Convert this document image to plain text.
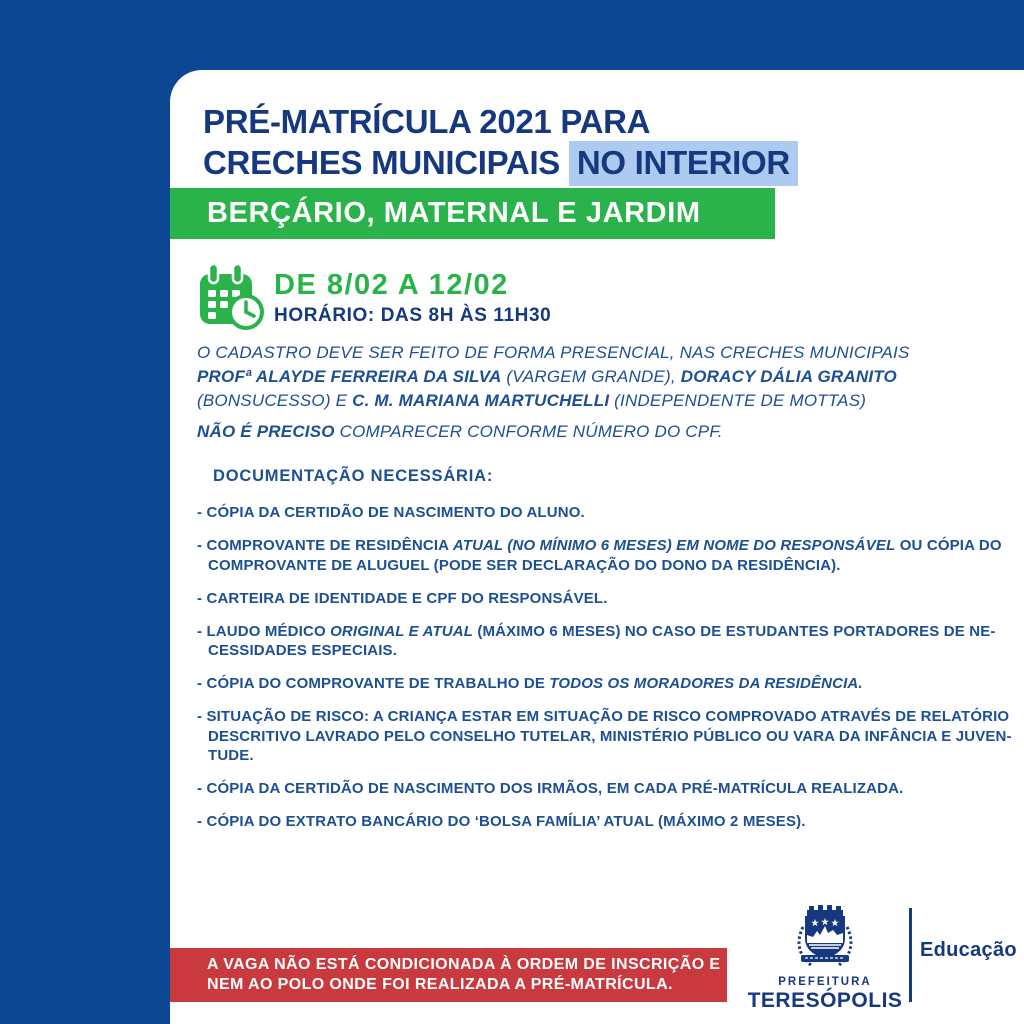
PRÉ-MATRÍCULA 2021 PARA
CRECHES MUNICIPAIS NO INTERIOR
BERÇÁRIO, MATERNAL E JARDIM
DE 8/02 A 12/02
HORÁRIO: DAS 8H ÀS 11H30
O CADASTRO DEVE SER FEITO DE FORMA PRESENCIAL, NAS CRECHES MUNICIPAIS
PROFª ALAYDE FERREIRA DA SILVA (VARGEM GRANDE), DORACY DÁLIA GRANITO
(BONSUCESSO) E C. M. MARIANA MARTUCHELLI (INDEPENDENTE DE MOTTAS)
NÃO É PRECISO COMPARECER CONFORME NÚMERO DO CPF.
DOCUMENTAÇÃO NECESSÁRIA:
- CÓPIA DA CERTIDÃO DE NASCIMENTO DO ALUNO.
- COMPROVANTE DE RESIDÊNCIA ATUAL (NO MÍNIMO 6 MESES) EM NOME DO RESPONSÁVEL OU CÓPIA DO
COMPROVANTE DE ALUGUEL (PODE SER DECLARAÇÃO DO DONO DA RESIDÊNCIA).
- CARTEIRA DE IDENTIDADE E CPF DO RESPONSÁVEL.
- LAUDO MÉDICO ORIGINAL E ATUAL (MÁXIMO 6 MESES) NO CASO DE ESTUDANTES PORTADORES DE NE-
CESSIDADES ESPECIAIS.
- CÓPIA DO COMPROVANTE DE TRABALHO DE TODOS OS MORADORES DA RESIDÊNCIA.
- SITUAÇÃO DE RISCO: A CRIANÇA ESTAR EM SITUAÇÃO DE RISCO COMPROVADO ATRAVÉS DE RELATÓRIO
DESCRITIVO LAVRADO PELO CONSELHO TUTELAR, MINISTÉRIO PÚBLICO OU VARA DA INFÂNCIA E JUVEN-
TUDE.
- CÓPIA DA CERTIDÃO DE NASCIMENTO DOS IRMÃOS, EM CADA PRÉ-MATRÍCULA REALIZADA.
- CÓPIA DO EXTRATO BANCÁRIO DO ‘BOLSA FAMÍLIA’ ATUAL (MÁXIMO 2 MESES).
A VAGA NÃO ESTÁ CONDICIONADA À ORDEM DE INSCRIÇÃO E
NEM AO POLO ONDE FOI REALIZADA A PRÉ-MATRÍCULA.	PREFEITURA
TERESÓPOLIS
Educação
